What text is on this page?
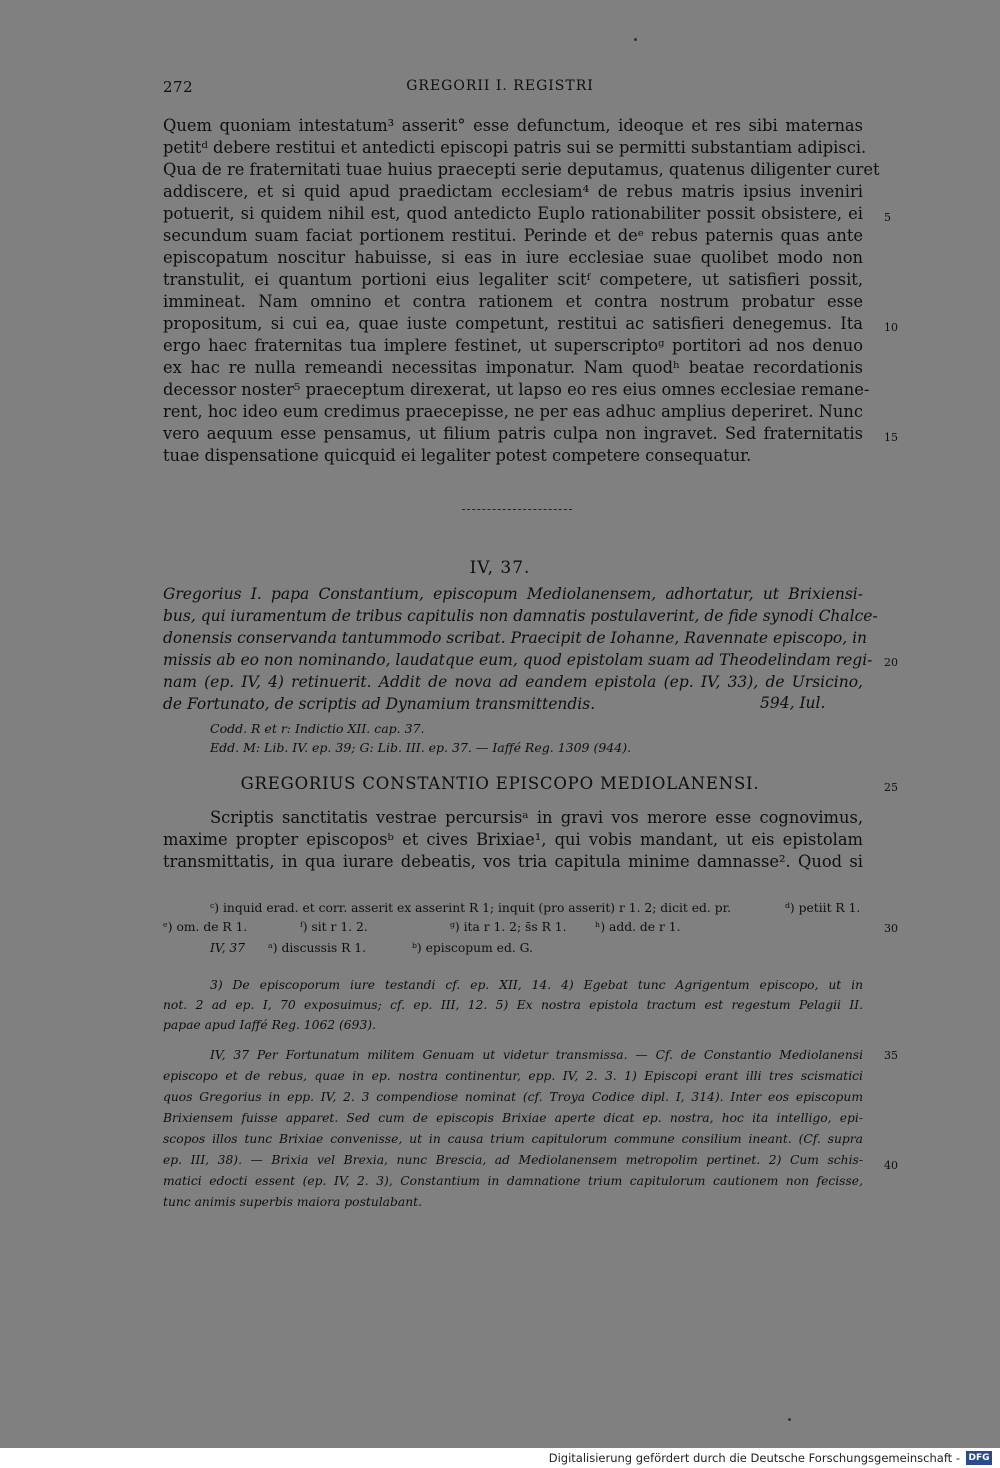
272	GREGORII I. REGISTRI
Quem quoniam intestatum³ asserit° esse defunctum, ideoque et res sibi maternas
petitᵈ debere restitui et antedicti episcopi patris sui se permitti substantiam adipisci.
Qua de re fraternitati tuae huius praecepti serie deputamus, quatenus diligenter curet
addiscere, et si quid apud praedictam ecclesiam⁴ de rebus matris ipsius inveniri
potuerit, si quidem nihil est, quod antedicto Euplo rationabiliter possit obsistere, ei
secundum suam faciat portionem restitui. Perinde et deᵉ rebus paternis quas ante
episcopatum noscitur habuisse, si eas in iure ecclesiae suae quolibet modo non
transtulit, ei quantum portioni eius legaliter scitᶠ competere, ut satisfieri possit,
immineat. Nam omnino et contra rationem et contra nostrum probatur esse
propositum, si cui ea, quae iuste competunt, restitui ac satisfieri denegemus. Ita
ergo haec fraternitas tua implere festinet, ut superscriptoᵍ portitori ad nos denuo
ex hac re nulla remeandi necessitas imponatur. Nam quodʰ beatae recordationis
decessor noster⁵ praeceptum direxerat, ut lapso eo res eius omnes ecclesiae remane-
rent, hoc ideo eum credimus praecepisse, ne per eas adhuc amplius deperiret. Nunc
vero aequum esse pensamus, ut filium patris culpa non ingravet. Sed fraternitatis
tuae dispensatione quicquid ei legaliter potest competere consequatur.
5
10
15
20
25
30
35
40
IV, 37.
Gregorius I. papa Constantium, episcopum Mediolanensem, adhortatur, ut Brixiensi-
bus, qui iuramentum de tribus capitulis non damnatis postulaverint, de fide synodi Chalce-
donensis conservanda tantummodo scribat. Praecipit de Iohanne, Ravennate episcopo, in
missis ab eo non nominando, laudatque eum, quod epistolam suam ad Theodelindam regi-
nam (ep. IV, 4) retinuerit. Addit de nova ad eandem epistola (ep. IV, 33), de Ursicino,
de Fortunato, de scriptis ad Dynamium transmittendis.	594, Iul.
Codd. R et r: Indictio XII. cap. 37.
Edd. M: Lib. IV. ep. 39; G: Lib. III. ep. 37. — Iaffé Reg. 1309 (944).
GREGORIUS CONSTANTIO EPISCOPO MEDIOLANENSI.
Scriptis sanctitatis vestrae percursisᵃ in gravi vos merore esse cognovimus,
maxime propter episcoposᵇ et cives Brixiae¹, qui vobis mandant, ut eis epistolam
transmittatis, in qua iurare debeatis, vos tria capitula minime damnasse². Quod si
ᶜ) inquid erad. et corr. asserit ex asserint R 1; inquit (pro asserit) r 1. 2; dicit ed. pr.	ᵈ) petiit R 1.
ᵉ) om. de R 1.	ᶠ) sit r 1. 2.	ᵍ) ita r 1. 2; s̄s R 1. ʰ) add. de r 1.
IV, 37 ᵃ) discussis R 1.	ᵇ) episcopum ed. G.
3) De episcoporum iure testandi cf. ep. XII, 14. 4) Egebat tunc Agrigentum episcopo, ut in
not. 2 ad ep. I, 70 exposuimus; cf. ep. III, 12. 5) Ex nostra epistola tractum est regestum Pelagii II.
papae apud Iaffé Reg. 1062 (693).
IV, 37 Per Fortunatum militem Genuam ut videtur transmissa. — Cf. de Constantio Mediolanensi
episcopo et de rebus, quae in ep. nostra continentur, epp. IV, 2. 3. 1) Episcopi erant illi tres scismatici
quos Gregorius in epp. IV, 2. 3 compendiose nominat (cf. Troya Codice dipl. I, 314). Inter eos episcopum
Brixiensem fuisse apparet. Sed cum de episcopis Brixiae aperte dicat ep. nostra, hoc ita intelligo, epi-
scopos illos tunc Brixiae convenisse, ut in causa trium capitulorum commune consilium ineant. (Cf. supra
ep. III, 38). — Brixia vel Brexia, nunc Brescia, ad Mediolanensem metropolim pertinet. 2) Cum schis-
matici edocti essent (ep. IV, 2. 3), Constantium in damnatione trium capitulorum cautionem non fecisse,
tunc animis superbis maiora postulabant.
Digitalisierung gefördert durch die Deutsche Forschungsgemeinschaft - DFG
